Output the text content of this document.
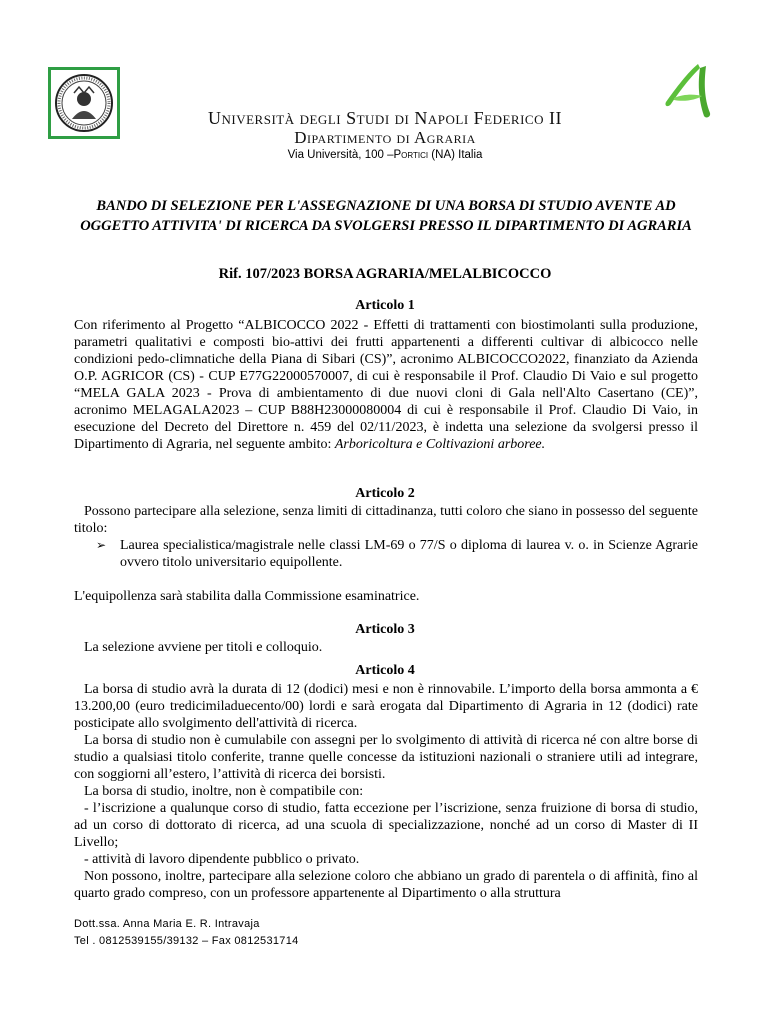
Università degli Studi di Napoli Federico II
Dipartimento di Agraria
Via Università, 100 –Portici (NA) Italia
BANDO DI SELEZIONE PER L'ASSEGNAZIONE DI UNA BORSA DI STUDIO AVENTE AD OGGETTO ATTIVITA' DI RICERCA DA SVOLGERSI PRESSO IL DIPARTIMENTO DI AGRARIA
Rif. 107/2023 BORSA AGRARIA/MELALBICOCCO
Articolo 1

Con riferimento al Progetto “ALBICOCCO 2022 - Effetti di trattamenti con biostimolanti sulla produzione, parametri qualitativi e composti bio-attivi dei frutti appartenenti a differenti cultivar di albicocco nelle condizioni pedo-climnatiche della Piana di Sibari (CS)”, acronimo ALBICOCCO2022, finanziato da Azienda O.P. AGRICOR (CS) - CUP E77G22000570007, di cui è responsabile il Prof. Claudio Di Vaio e sul progetto “MELA GALA 2023 - Prova di ambientamento di due nuovi cloni di Gala nell'Alto Casertano (CE)”, acronimo MELAGALA2023 – CUP B88H23000080004 di cui è responsabile il Prof. Claudio Di Vaio, in esecuzione del Decreto del Direttore n. 459 del 02/11/2023, è indetta una selezione da svolgersi presso il Dipartimento di Agraria, nel seguente ambito: Arboricoltura e Coltivazioni arboree.

Articolo 2

Possono partecipare alla selezione, senza limiti di cittadinanza, tutti coloro che siano in possesso del seguente titolo:

➢ Laurea specialistica/magistrale nelle classi LM-69 o 77/S o diploma di laurea v. o. in Scienze Agrarie ovvero titolo universitario equipollente.

L'equipollenza sarà stabilita dalla Commissione esaminatrice.

Articolo 3

La selezione avviene per titoli e colloquio.

Articolo 4

La borsa di studio avrà la durata di 12 (dodici) mesi e non è rinnovabile. L’importo della borsa ammonta a € 13.200,00 (euro tredicimiladuecento/00) lordi e sarà erogata dal Dipartimento di Agraria in 12 (dodici) rate posticipate allo svolgimento dell'attività di ricerca.

La borsa di studio non è cumulabile con assegni per lo svolgimento di attività di ricerca né con altre borse di studio a qualsiasi titolo conferite, tranne quelle concesse da istituzioni nazionali o straniere utili ad integrare, con soggiorni all’estero, l’attività di ricerca dei borsisti.

La borsa di studio, inoltre, non è compatibile con:

- l’iscrizione a qualunque corso di studio, fatta eccezione per l’iscrizione, senza fruizione di borsa di studio, ad un corso di dottorato di ricerca, ad una scuola di specializzazione, nonché ad un corso di Master di II Livello;

- attività di lavoro dipendente pubblico o privato.

Non possono, inoltre, partecipare alla selezione coloro che abbiano un grado di parentela o di affinità, fino al quarto grado compreso, con un professore appartenente al Dipartimento o alla struttura

Dott.ssa. Anna Maria E. R. Intravaja
Tel . 0812539155/39132 – Fax 0812531714
